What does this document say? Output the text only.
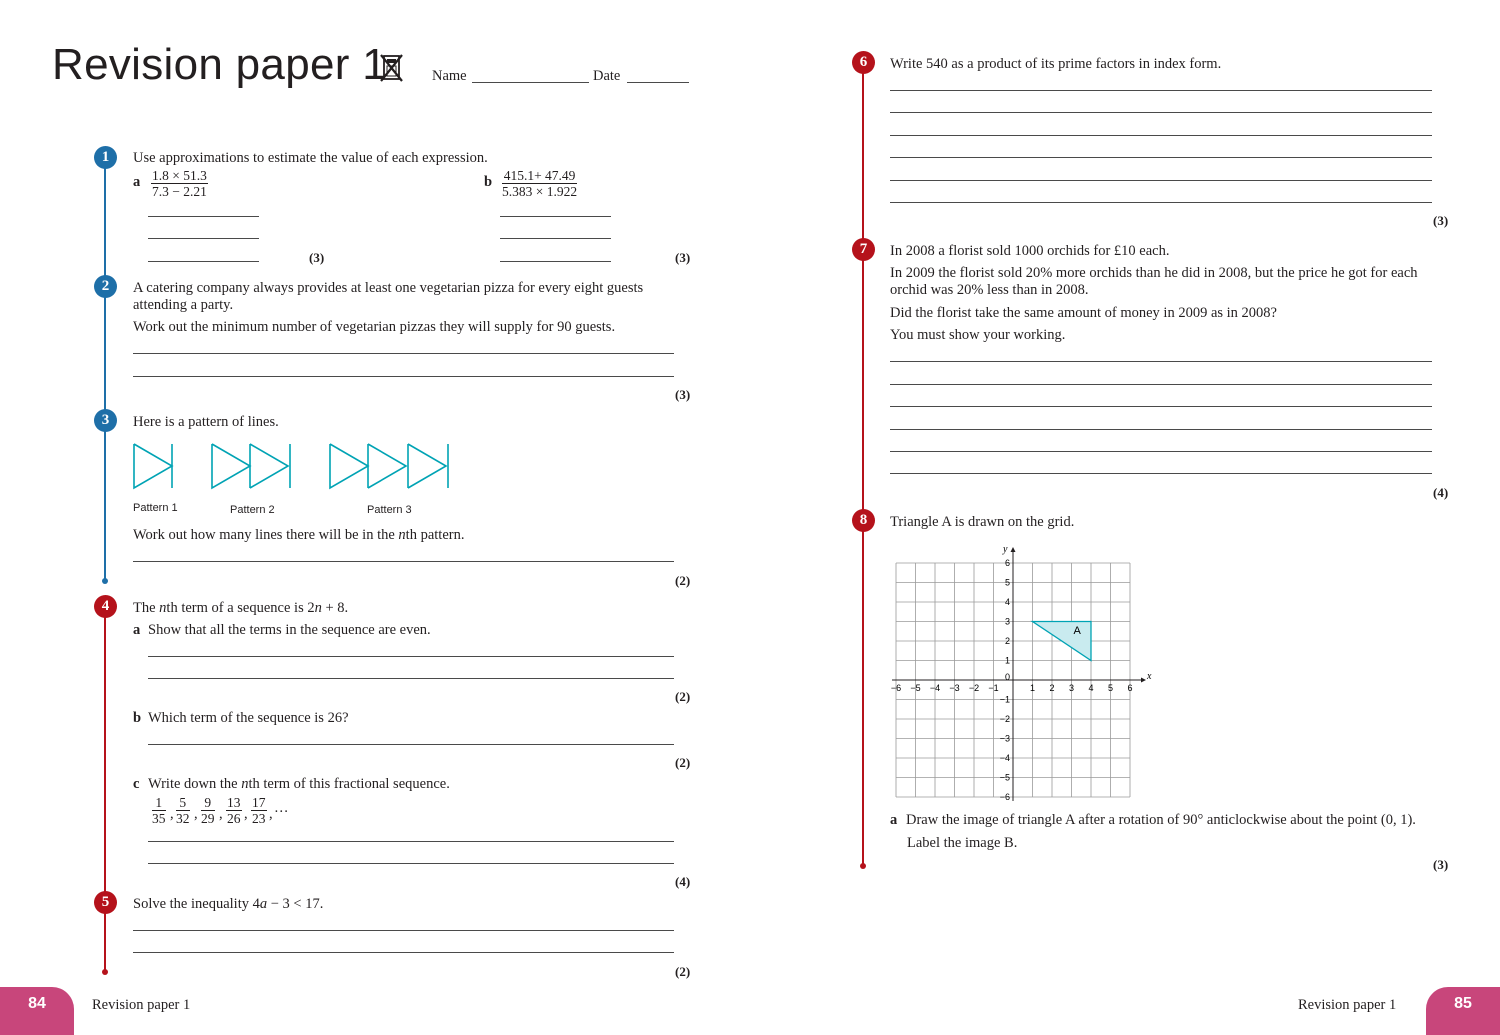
Revision paper 1	Name	Date
1	Use approximations to estimate the value of each expression.
a $\frac{1.8 \times 51.3}{7.3 - 2.21}$	b $\frac{415.1+ 47.49}{5.383 \times 1.922}$
(3)	(3)
2	A catering company always provides at least one vegetarian pizza for every eight guests attending a party.
Work out the minimum number of vegetarian pizzas they will supply for 90 guests.
(3)
3	Here is a pattern of lines.
Pattern 1	Pattern 2	Pattern 3
Work out how many lines there will be in the nth pattern.
(2)
4	The nth term of a sequence is 2n + 8.
a Show that all the terms in the sequence are even.
(2)
b Which term of the sequence is 26?
(2)
c Write down the nth term of this fractional sequence.
$\frac{1}{35}$ , $\frac{5}{32}$ , $\frac{9}{29}$ , $\frac{13}{26}$ , $\frac{17}{23}$ , …
(4)
5	Solve the inequality 4a − 3 < 17.
(2)
84	Revision paper 1
6	Write 540 as a product of its prime factors in index form.
(3)
7	In 2008 a florist sold 1000 orchids for £10 each.
In 2009 the florist sold 20% more orchids than he did in 2008, but the price he got for each orchid was 20% less than in 2008.
Did the florist take the same amount of money in 2009 as in 2008?
You must show your working.
(4)
8	Triangle A is drawn on the grid.
A
x
y
−6 −5 −4 −3 −2 −1	1 2 3 4 5 6
6
5
4
3
2
1
0
−1
−2
−3
−4
−5
−6
a Draw the image of triangle A after a rotation of 90° anticlockwise about the point (0, 1).
Label the image B.
(3)
Revision paper 1	85
